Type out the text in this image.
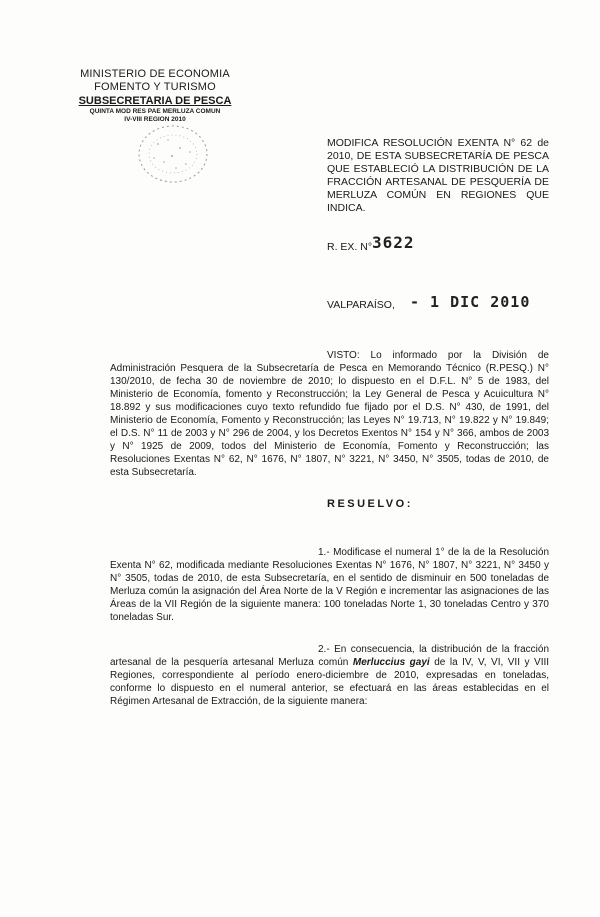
MINISTERIO DE ECONOMIA
FOMENTO Y TURISMO
SUBSECRETARIA DE PESCA
QUINTA MOD RES PAE MERLUZA COMUN
IV-VIII REGION 2010
MODIFICA RESOLUCIÓN EXENTA N° 62 de 2010, DE ESTA SUBSECRETARÍA DE PESCA QUE ESTABLECIÓ LA DISTRIBUCIÓN DE LA FRACCIÓN ARTESANAL DE PESQUERÍA DE MERLUZA COMÚN EN REGIONES QUE INDICA.
R. EX. N° 3622
VALPARAÍSO, - 1 DIC 2010
VISTO: Lo informado por la División de Administración Pesquera de la Subsecretaría de Pesca en Memorando Técnico (R.PESQ.) N° 130/2010, de fecha 30 de noviembre de 2010; lo dispuesto en el D.F.L. N° 5 de 1983, del Ministerio de Economía, fomento y Reconstrucción; la Ley General de Pesca y Acuicultura N° 18.892 y sus modificaciones cuyo texto refundido fue fijado por el D.S. N° 430, de 1991, del Ministerio de Economía, Fomento y Reconstrucción; las Leyes N° 19.713, N° 19.822 y N° 19.849; el D.S. N° 11 de 2003 y N° 296 de 2004, y los Decretos Exentos N° 154 y N° 366, ambos de 2003 y N° 1925 de 2009, todos del Ministerio de Economía, Fomento y Reconstrucción; las Resoluciones Exentas N° 62, N° 1676, N° 1807, N° 3221, N° 3450, N° 3505, todas de 2010, de esta Subsecretaría.
RESUELVO:
1.- Modificase el numeral 1° de la de la Resolución Exenta N° 62, modificada mediante Resoluciones Exentas N° 1676, N° 1807, N° 3221, N° 3450 y N° 3505, todas de 2010, de esta Subsecretaría, en el sentido de disminuir en 500 toneladas de Merluza común la asignación del Área Norte de la V Región e incrementar las asignaciones de las Áreas de la VII Región de la siguiente manera: 100 toneladas Norte 1, 30 toneladas Centro y 370 toneladas Sur.
2.- En consecuencia, la distribución de la fracción artesanal de la pesquería artesanal Merluza común Merluccius gayi de la IV, V, VI, VII y VIII Regiones, correspondiente al período enero-diciembre de 2010, expresadas en toneladas, conforme lo dispuesto en el numeral anterior, se efectuará en las áreas establecidas en el Régimen Artesanal de Extracción, de la siguiente manera:
